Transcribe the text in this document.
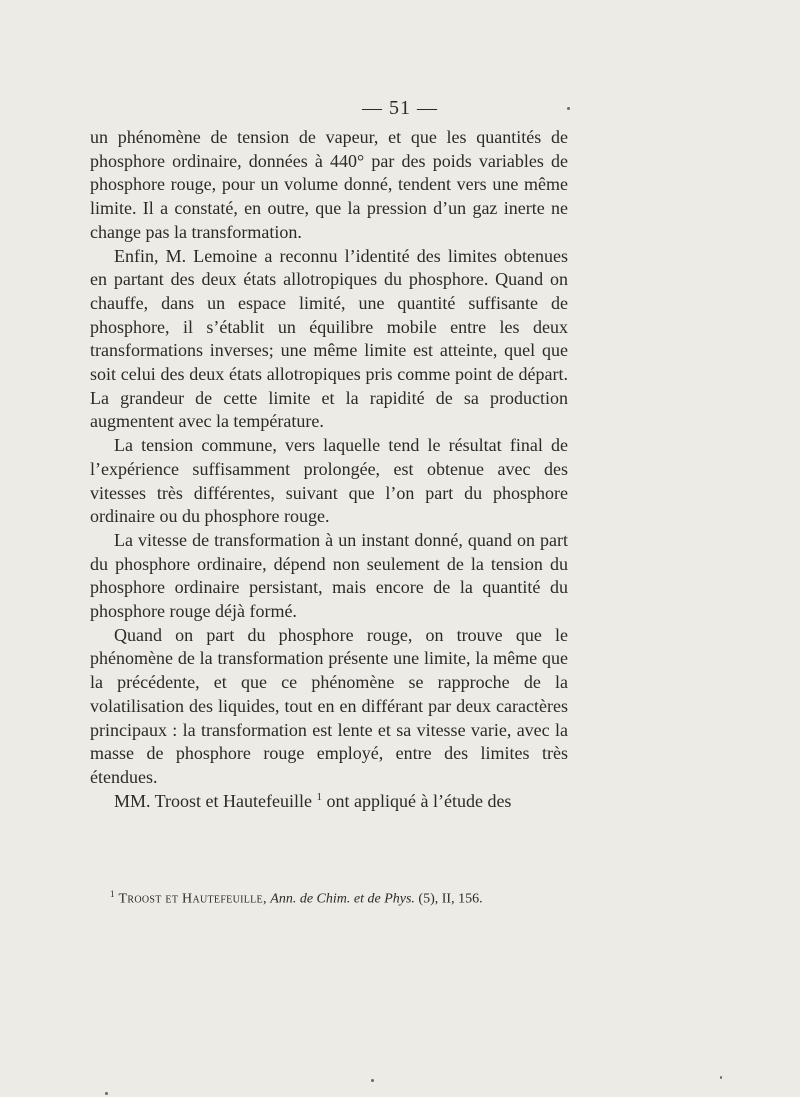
— 51 —

un phénomène de tension de vapeur, et que les quantités de phosphore ordinaire, données à 440° par des poids variables de phosphore rouge, pour un volume donné, tendent vers une même limite. Il a constaté, en outre, que la pression d’un gaz inerte ne change pas la transformation.

Enfin, M. Lemoine a reconnu l’identité des limites obtenues en partant des deux états allotropiques du phosphore. Quand on chauffe, dans un espace limité, une quantité suffisante de phosphore, il s’établit un équilibre mobile entre les deux transformations inverses; une même limite est atteinte, quel que soit celui des deux états allotropiques pris comme point de départ. La grandeur de cette limite et la rapidité de sa production augmentent avec la température.

La tension commune, vers laquelle tend le résultat final de l’expérience suffisamment prolongée, est obtenue avec des vitesses très différentes, suivant que l’on part du phosphore ordinaire ou du phosphore rouge.

La vitesse de transformation à un instant donné, quand on part du phosphore ordinaire, dépend non seulement de la tension du phosphore ordinaire persistant, mais encore de la quantité du phosphore rouge déjà formé.

Quand on part du phosphore rouge, on trouve que le phénomène de la transformation présente une limite, la même que la précédente, et que ce phénomène se rapproche de la volatilisation des liquides, tout en en différant par deux caractères principaux : la transformation est lente et sa vitesse varie, avec la masse de phosphore rouge employé, entre des limites très étendues.

MM. Troost et Hautefeuille $^1$ ont appliqué à l’étude des

$^1$ Troost et Hautefeuille, Ann. de Chim. et de Phys. (5), II, 156.
